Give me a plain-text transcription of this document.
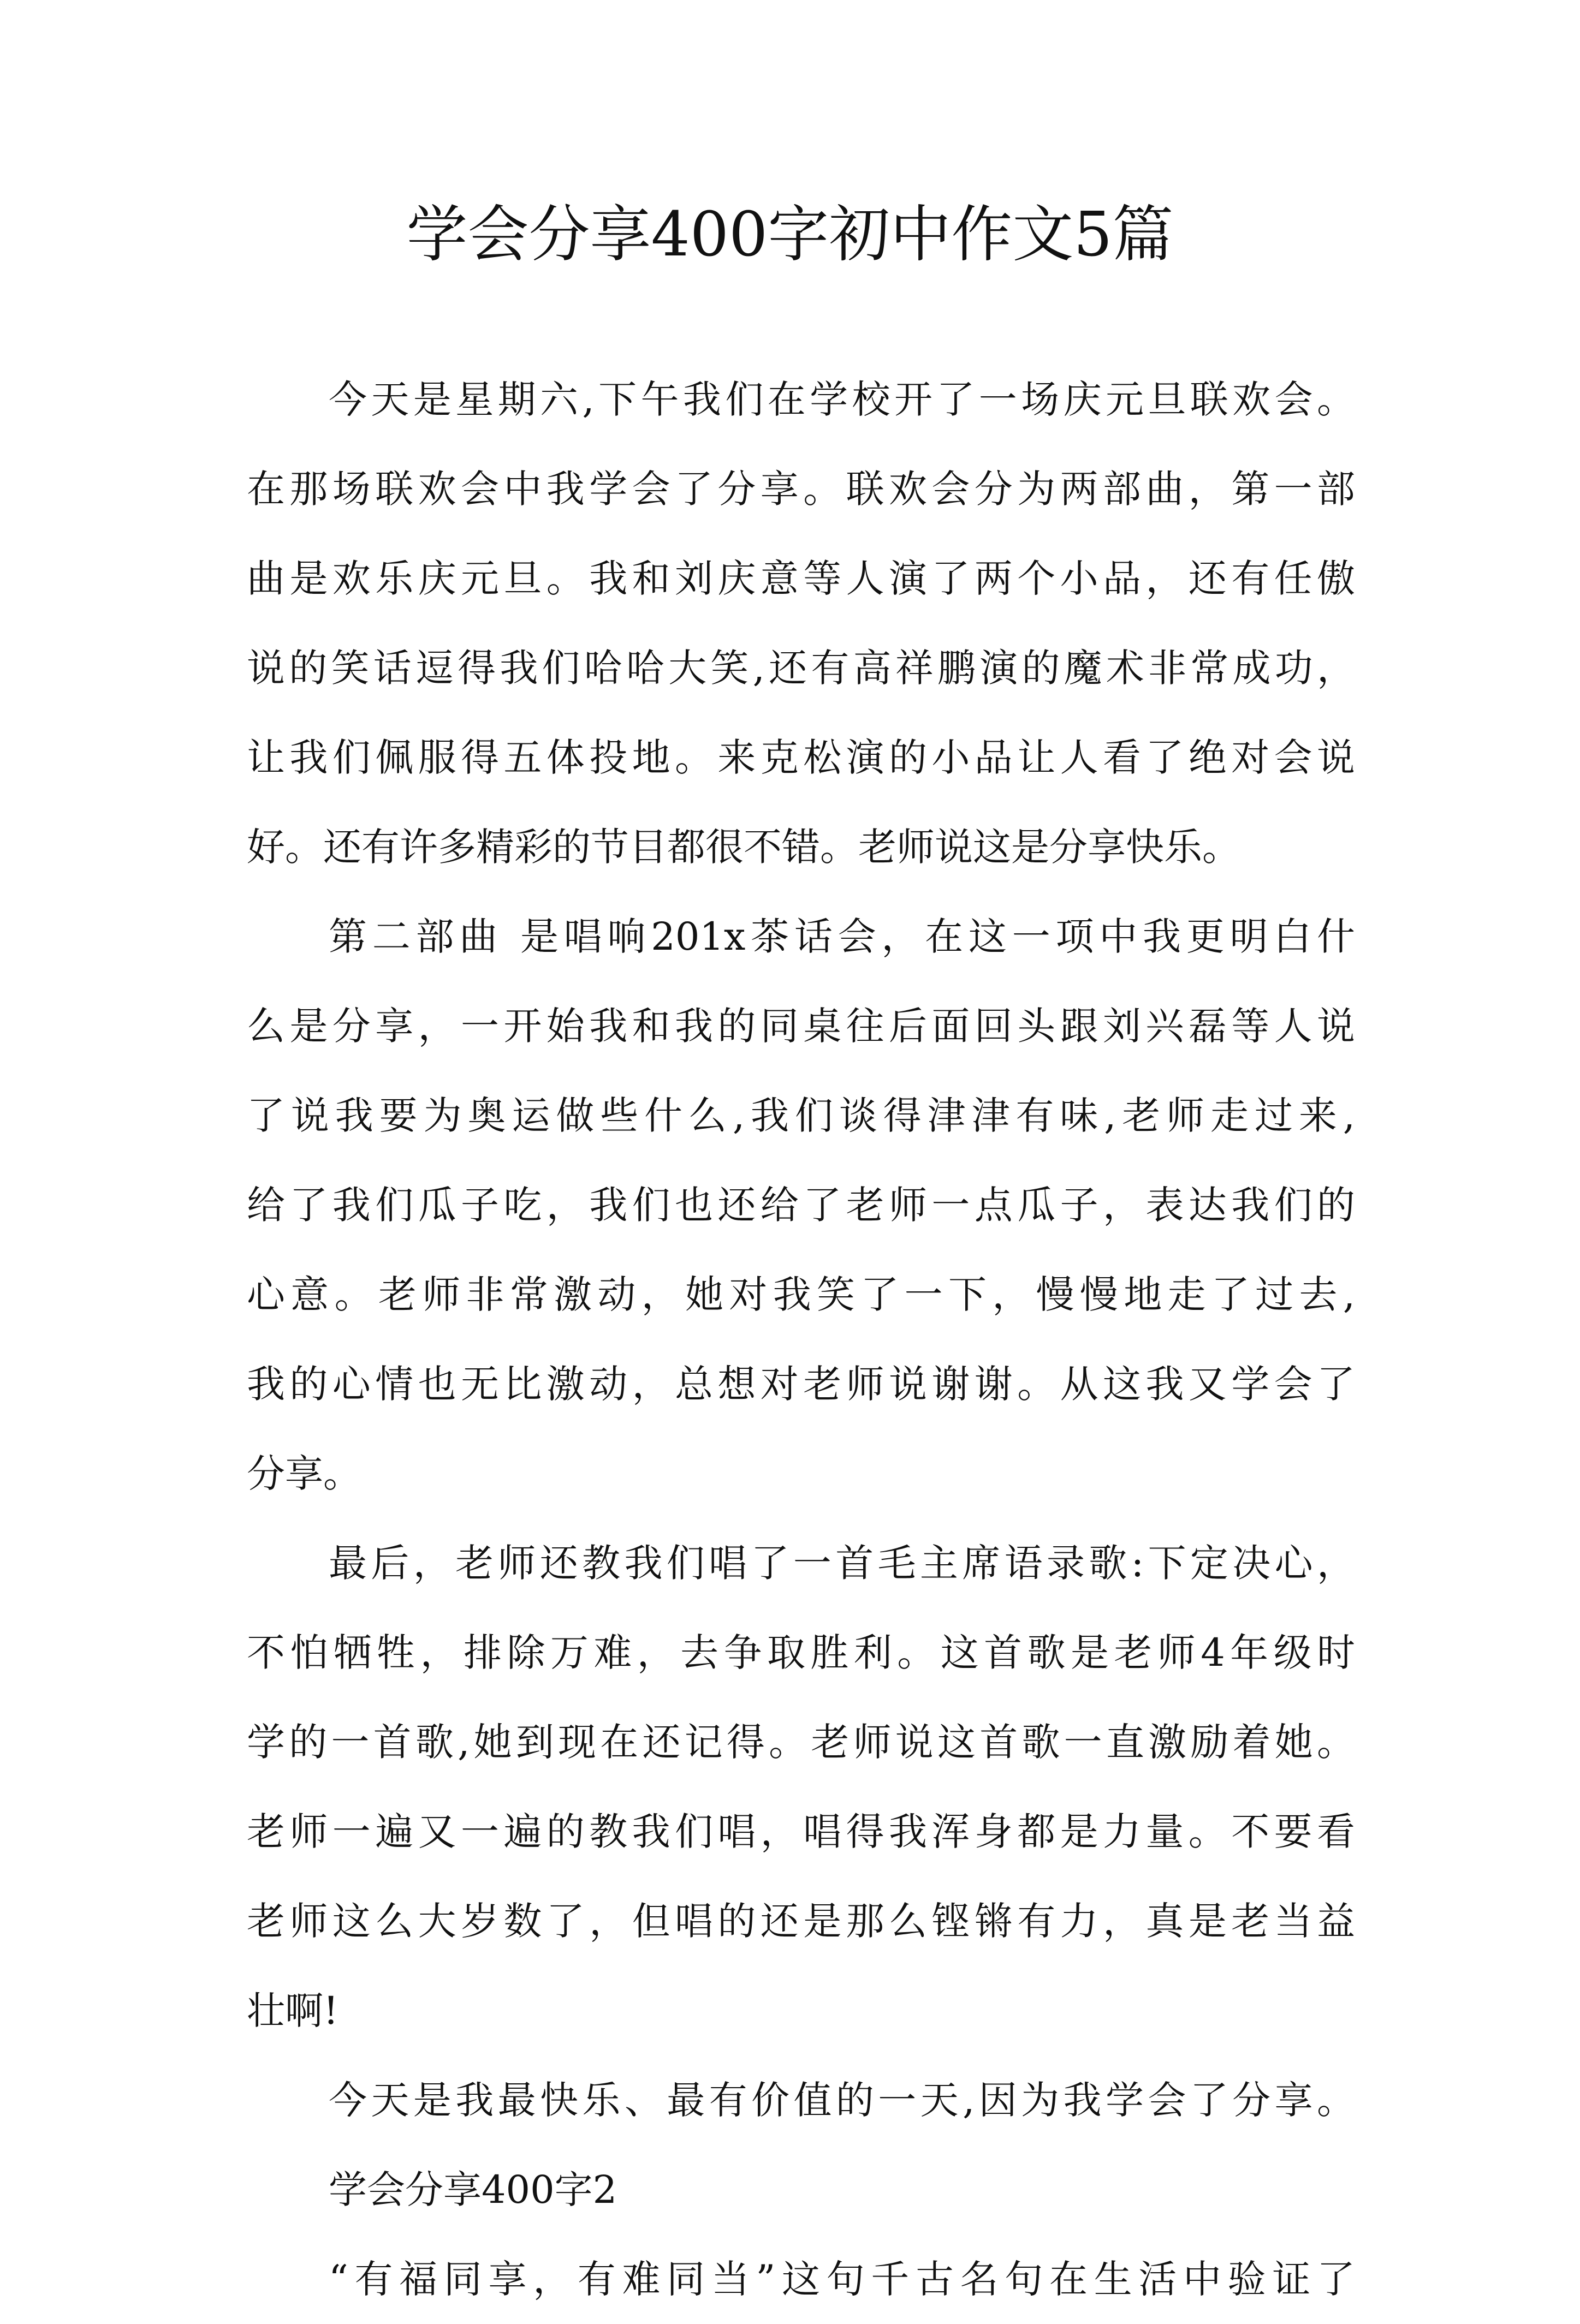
学会分享400字初中作文5篇
今天是星期六,下午我们在学校开了一场庆元旦联欢会。
在那场联欢会中我学会了分享。联欢会分为两部曲，第一部
曲是欢乐庆元旦。我和刘庆意等人演了两个小品，还有任傲
说的笑话逗得我们哈哈大笑,还有高祥鹏演的魔术非常成功，
让我们佩服得五体投地。来克松演的小品让人看了绝对会说
好。还有许多精彩的节目都很不错。老师说这是分享快乐。
第二部曲 是唱响201x茶话会，在这一项中我更明白什
么是分享，一开始我和我的同桌往后面回头跟刘兴磊等人说
了说我要为奥运做些什么,我们谈得津津有味,老师走过来,
给了我们瓜子吃，我们也还给了老师一点瓜子，表达我们的
心意。老师非常激动，她对我笑了一下，慢慢地走了过去,
我的心情也无比激动，总想对老师说谢谢。从这我又学会了
分享。
最后，老师还教我们唱了一首毛主席语录歌:下定决心，
不怕牺牲，排除万难，去争取胜利。这首歌是老师4年级时
学的一首歌,她到现在还记得。老师说这首歌一直激励着她。
老师一遍又一遍的教我们唱，唱得我浑身都是力量。不要看
老师这么大岁数了，但唱的还是那么铿锵有力，真是老当益
壮啊!
今天是我最快乐、最有价值的一天,因为我学会了分享。
学会分享400字2
“有福同享，有难同当”这句千古名句在生活中验证了
